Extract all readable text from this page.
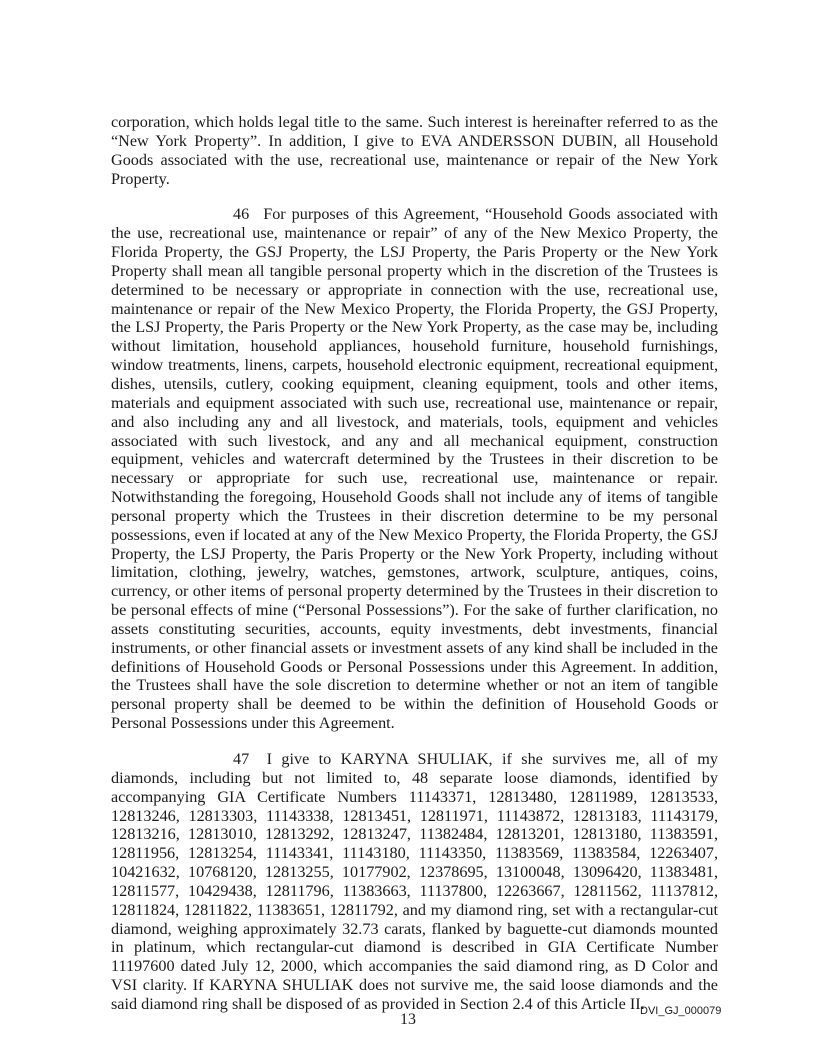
corporation, which holds legal title to the same. Such interest is hereinafter referred to as the “New York Property”. In addition, I give to EVA ANDERSSON DUBIN, all Household Goods associated with the use, recreational use, maintenance or repair of the New York Property.

46 For purposes of this Agreement, “Household Goods associated with the use, recreational use, maintenance or repair” of any of the New Mexico Property, the Florida Property, the GSJ Property, the LSJ Property, the Paris Property or the New York Property shall mean all tangible personal property which in the discretion of the Trustees is determined to be necessary or appropriate in connection with the use, recreational use, maintenance or repair of the New Mexico Property, the Florida Property, the GSJ Property, the LSJ Property, the Paris Property or the New York Property, as the case may be, including without limitation, household appliances, household furniture, household furnishings, window treatments, linens, carpets, household electronic equipment, recreational equipment, dishes, utensils, cutlery, cooking equipment, cleaning equipment, tools and other items, materials and equipment associated with such use, recreational use, maintenance or repair, and also including any and all livestock, and materials, tools, equipment and vehicles associated with such livestock, and any and all mechanical equipment, construction equipment, vehicles and watercraft determined by the Trustees in their discretion to be necessary or appropriate for such use, recreational use, maintenance or repair. Notwithstanding the foregoing, Household Goods shall not include any of items of tangible personal property which the Trustees in their discretion determine to be my personal possessions, even if located at any of the New Mexico Property, the Florida Property, the GSJ Property, the LSJ Property, the Paris Property or the New York Property, including without limitation, clothing, jewelry, watches, gemstones, artwork, sculpture, antiques, coins, currency, or other items of personal property determined by the Trustees in their discretion to be personal effects of mine (“Personal Possessions”). For the sake of further clarification, no assets constituting securities, accounts, equity investments, debt investments, financial instruments, or other financial assets or investment assets of any kind shall be included in the definitions of Household Goods or Personal Possessions under this Agreement. In addition, the Trustees shall have the sole discretion to determine whether or not an item of tangible personal property shall be deemed to be within the definition of Household Goods or Personal Possessions under this Agreement.

47 I give to KARYNA SHULIAK, if she survives me, all of my diamonds, including but not limited to, 48 separate loose diamonds, identified by accompanying GIA Certificate Numbers 11143371, 12813480, 12811989, 12813533, 12813246, 12813303, 11143338, 12813451, 12811971, 11143872, 12813183, 11143179, 12813216, 12813010, 12813292, 12813247, 11382484, 12813201, 12813180, 11383591, 12811956, 12813254, 11143341, 11143180, 11143350, 11383569, 11383584, 12263407, 10421632, 10768120, 12813255, 10177902, 12378695, 13100048, 13096420, 11383481, 12811577, 10429438, 12811796, 11383663, 11137800, 12263667, 12811562, 11137812, 12811824, 12811822, 11383651, 12811792, and my diamond ring, set with a rectangular-cut diamond, weighing approximately 32.73 carats, flanked by baguette-cut diamonds mounted in platinum, which rectangular-cut diamond is described in GIA Certificate Number 11197600 dated July 12, 2000, which accompanies the said diamond ring, as D Color and VSI clarity. If KARYNA SHULIAK does not survive me, the said loose diamonds and the said diamond ring shall be disposed of as provided in Section 2.4 of this Article II.

13	DVI_GJ_000079
